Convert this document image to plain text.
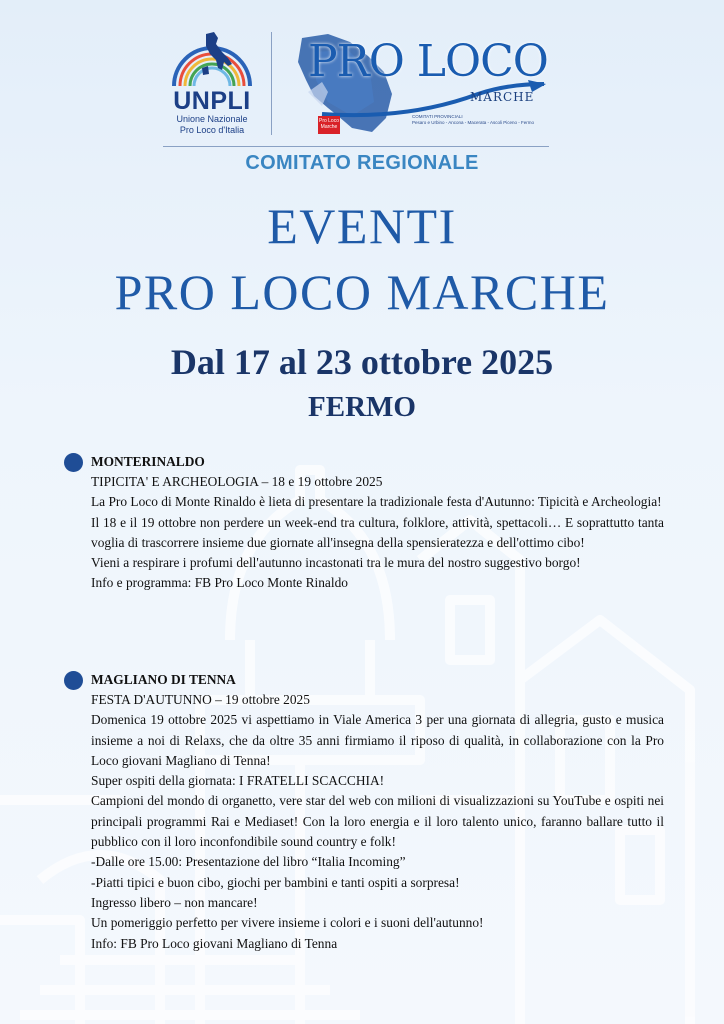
UNPLI
Unione Nazionale
Pro Loco d'Italia
PRO LOCO
MARCHE
Pro Loco
Marche
COMITATI PROVINCIALI
Pesaro e Urbino - Ancona - Macerata - Ascoli Piceno - Fermo
COMITATO REGIONALE
EVENTI
PRO LOCO MARCHE
Dal 17 al 23 ottobre 2025
FERMO
MONTERINALDO

TIPICITA' E ARCHEOLOGIA – 18 e 19 ottobre 2025

La Pro Loco di Monte Rinaldo è lieta di presentare la tradizionale festa d'Autunno: Tipicità e Archeologia!

Il 18 e il 19 ottobre non perdere un week-end tra cultura, folklore, attività, spettacoli… E soprattutto tanta voglia di trascorrere insieme due giornate all'insegna della spensieratezza e dell'ottimo cibo!

Vieni a respirare i profumi dell'autunno incastonati tra le mura del nostro suggestivo borgo!

Info e programma: FB Pro Loco Monte Rinaldo

MAGLIANO DI TENNA

FESTA D'AUTUNNO – 19 ottobre 2025

Domenica 19 ottobre 2025 vi aspettiamo in Viale America 3 per una giornata di allegria, gusto e musica insieme a noi di Relaxs, che da oltre 35 anni firmiamo il riposo di qualità, in collaborazione con la Pro Loco giovani Magliano di Tenna!

Super ospiti della giornata: I FRATELLI SCACCHIA!

Campioni del mondo di organetto, vere star del web con milioni di visualizzazioni su YouTube e ospiti nei principali programmi Rai e Mediaset! Con la loro energia e il loro talento unico, faranno ballare tutto il pubblico con il loro inconfondibile sound country e folk!

-Dalle ore 15.00: Presentazione del libro “Italia Incoming”

-Piatti tipici e buon cibo, giochi per bambini e tanti ospiti a sorpresa!

Ingresso libero – non mancare!

Un pomeriggio perfetto per vivere insieme i colori e i suoni dell'autunno!

Info: FB Pro Loco giovani Magliano di Tenna
